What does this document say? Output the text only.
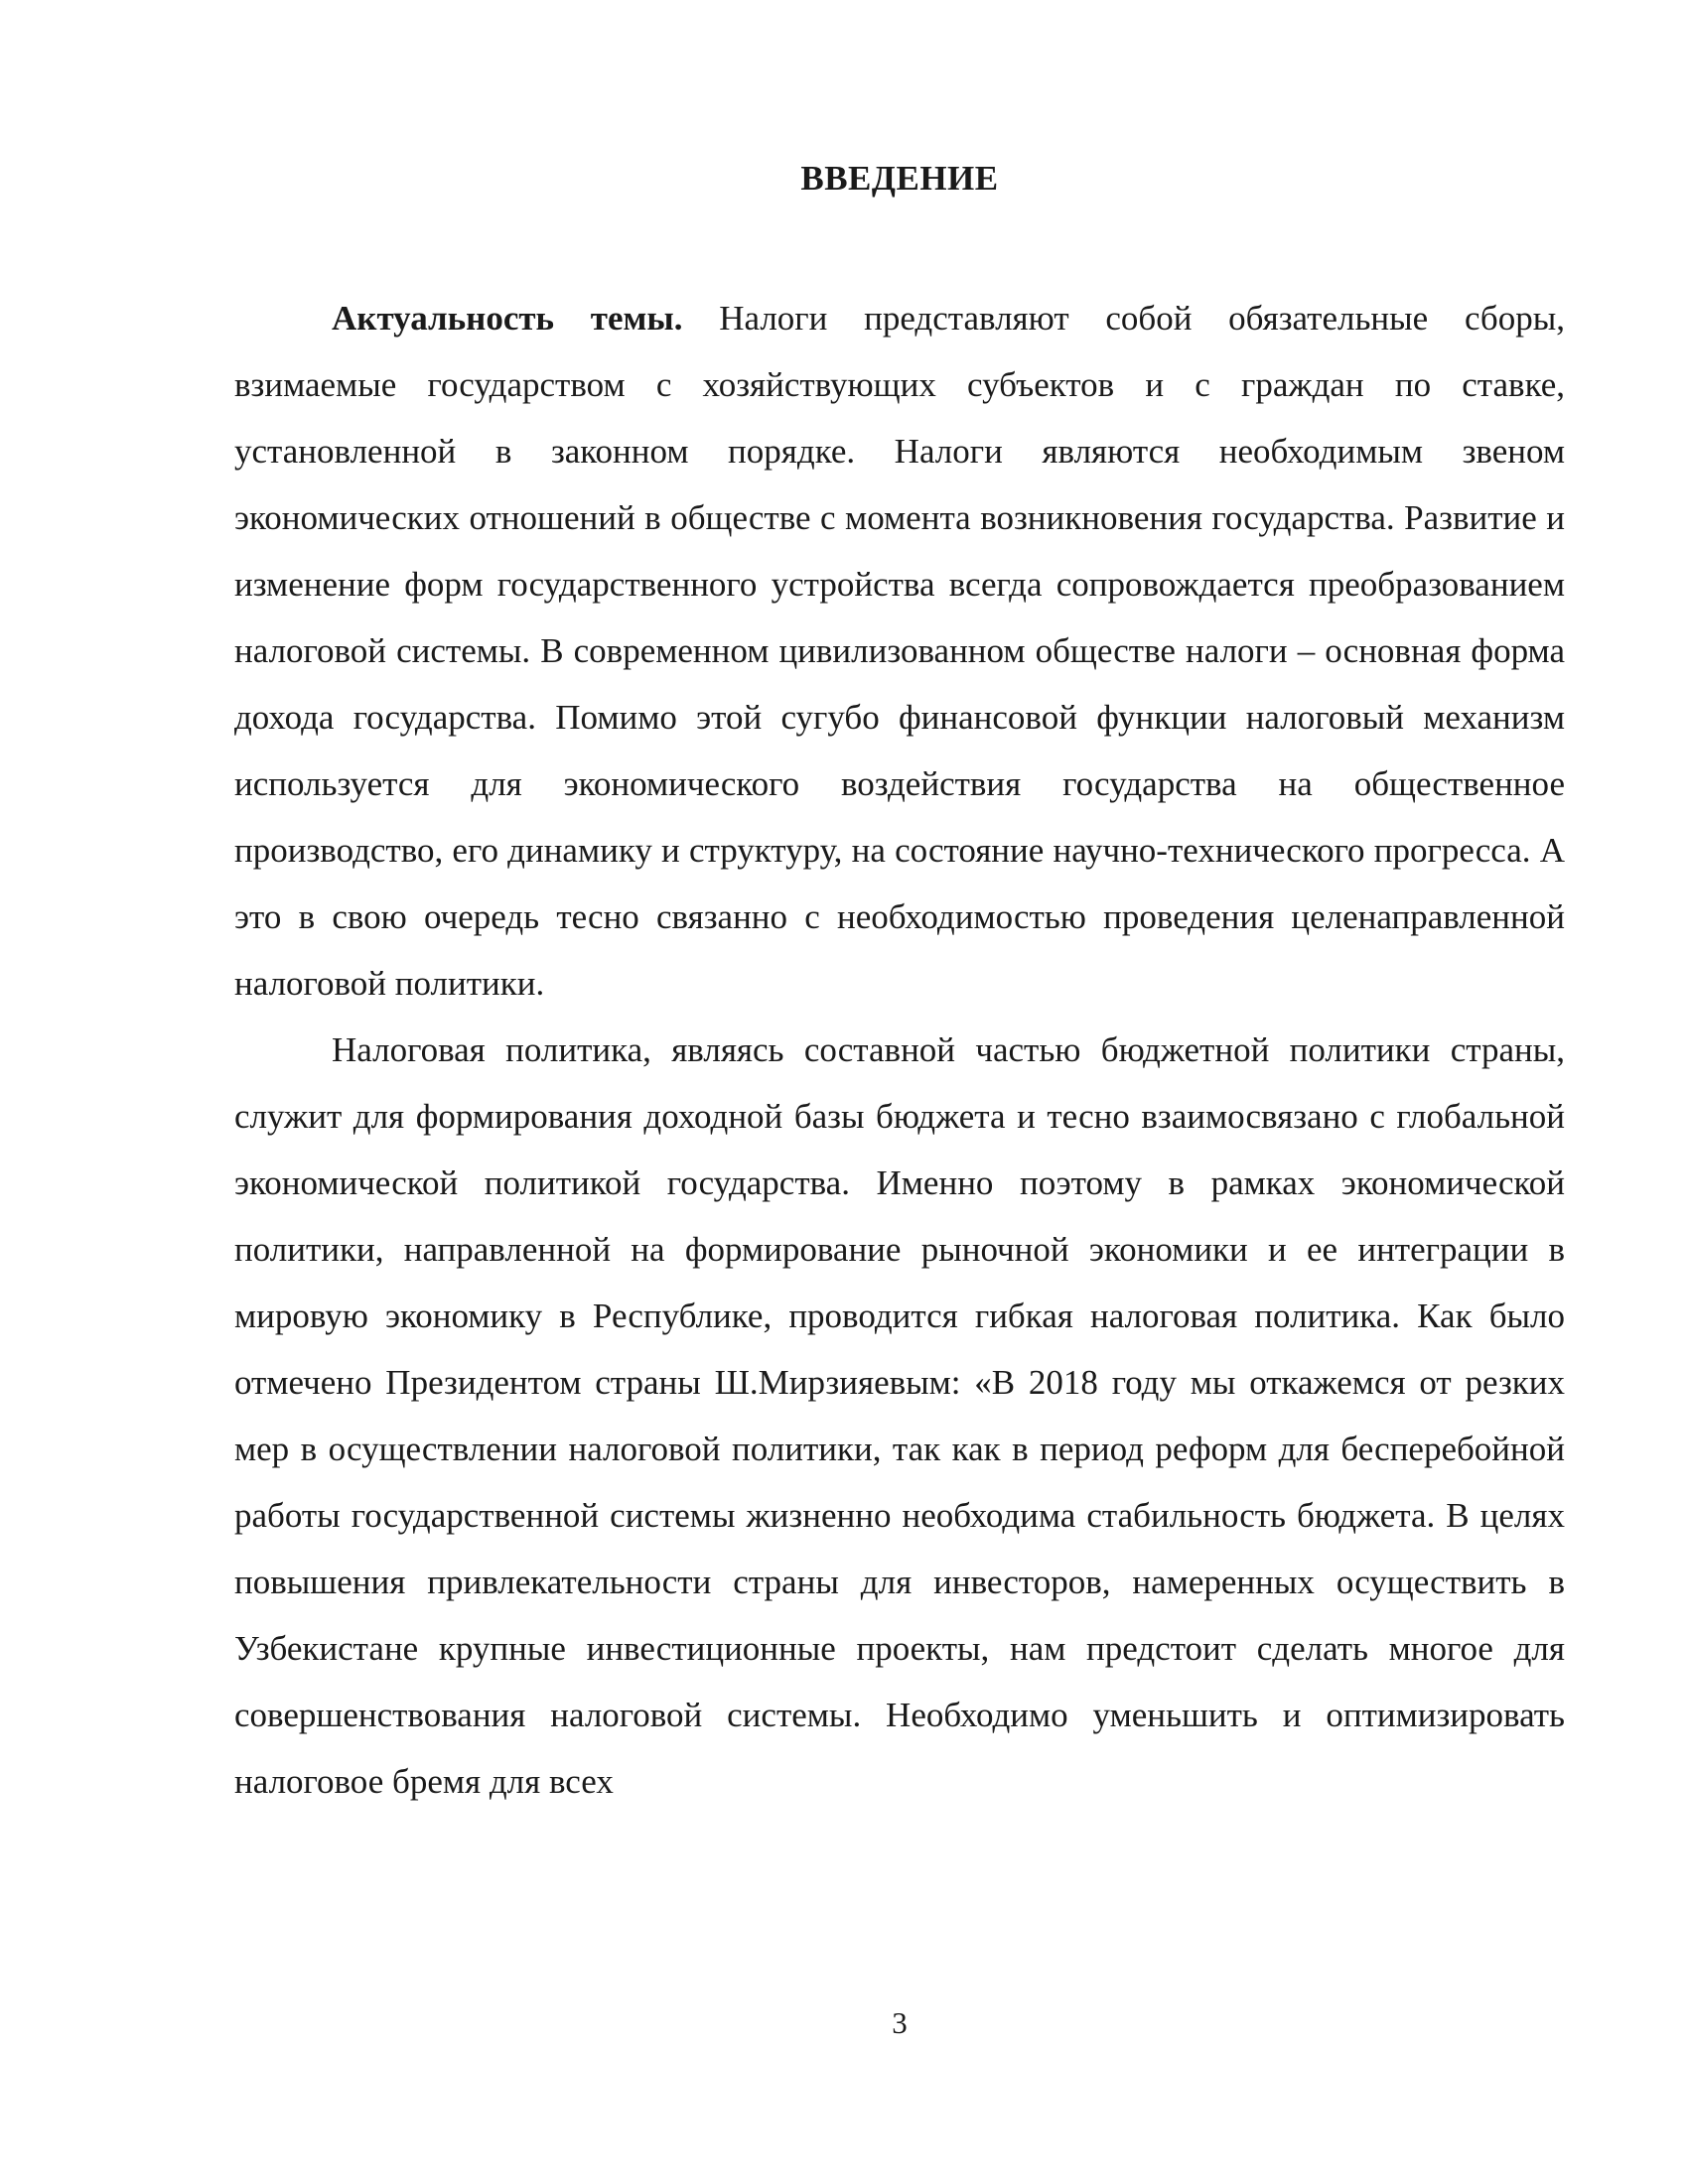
ВВЕДЕНИЕ

Актуальность темы. Налоги представляют собой обязательные сборы, взимаемые государством с хозяйствующих субъектов и с граждан по ставке, установленной в законном порядке. Налоги являются необходимым звеном экономических отношений в обществе с момента возникновения государства. Развитие и изменение форм государственного устройства всегда сопровождается преобразованием налоговой системы. В современном цивилизованном обществе налоги – основная форма дохода государства. Помимо этой сугубо финансовой функции налоговый механизм используется для экономического воздействия государства на общественное производство, его динамику и структуру, на состояние научно-технического прогресса. А это в свою очередь тесно связанно с необходимостью проведения целенаправленной налоговой политики.

Налоговая политика, являясь составной частью бюджетной политики страны, служит для формирования доходной базы бюджета и тесно взаимосвязано с глобальной экономической политикой государства. Именно поэтому в рамках экономической политики, направленной на формирование рыночной экономики и ее интеграции в мировую экономику в Республике, проводится гибкая налоговая политика. Как было отмечено Президентом страны Ш.Мирзияевым: «В 2018 году мы откажемся от резких мер в осуществлении налоговой политики, так как в период реформ для бесперебойной работы государственной системы жизненно необходима стабильность бюджета. В целях повышения привлекательности страны для инвесторов, намеренных осуществить в Узбекистане крупные инвестиционные проекты, нам предстоит сделать многое для совершенствования налоговой системы. Необходимо уменьшить и оптимизировать налоговое бремя для всех

3
